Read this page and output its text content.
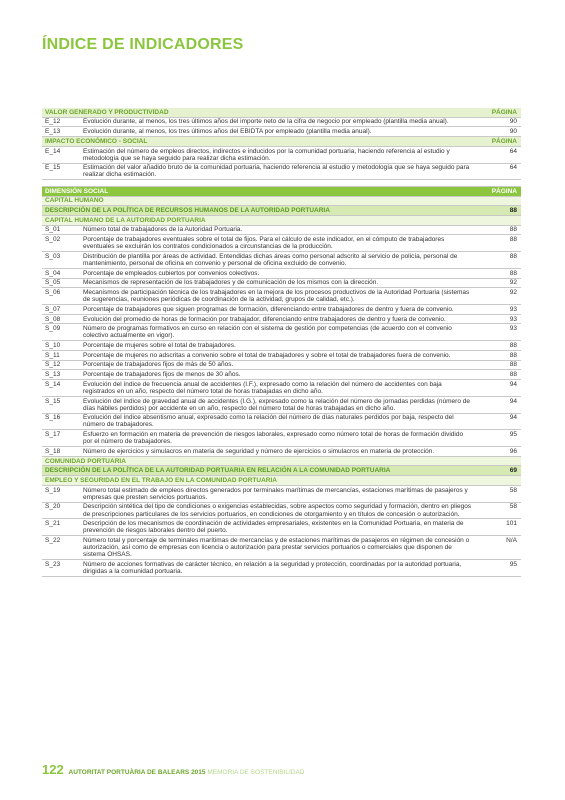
ÍNDICE DE INDICADORES
VALOR GENERADO Y PRODUCTIVIDAD		PÁGINA
E_12	Evolución durante, al menos, los tres últimos años del importe neto de la cifra de negocio por empleado (plantilla media anual).	90
E_13	Evolución durante, al menos, los tres últimos años del EBIDTA por empleado (plantilla media anual).	90
IMPACTO ECONÓMICO - SOCIAL		PÁGINA
E_14	Estimación del número de empleos directos, indirectos e inducidos por la comunidad portuaria, haciendo referencia al estudio y metodología que se haya seguido para realizar dicha estimación.	64
E_15	Estimación del valor añadido bruto de la comunidad portuaria, haciendo referencia al estudio y metodología que se haya seguido para realizar dicha estimación.	64

DIMENSIÓN SOCIAL		PÁGINA
CAPITAL HUMANO		
DESCRIPCIÓN DE LA POLÍTICA DE RECURSOS HUMANOS DE LA AUTORIDAD PORTUARIA		88
CAPITAL HUMANO DE LA AUTORIDAD PORTUARIA		
S_01	Número total de trabajadores de la Autoridad Portuaria.	88
S_02	Porcentaje de trabajadores eventuales sobre el total de fijos. Para el cálculo de este indicador, en el cómputo de trabajadores eventuales se excluirán los contratos condicionados a circunstancias de la producción.	88
S_03	Distribución de plantilla por áreas de actividad. Entendidas dichas áreas como personal adscrito al servicio de policía, personal de mantenimiento, personal de oficina en convenio y personal de oficina excluido de convenio.	88
S_04	Porcentaje de empleados cubiertos por convenios colectivos.	88
S_05	Mecanismos de representación de los trabajadores y de comunicación de los mismos con la dirección.	92
S_06	Mecanismos de participación técnica de los trabajadores en la mejora de los procesos productivos de la Autoridad Portuaria (sistemas de sugerencias, reuniones periódicas de coordinación de la actividad, grupos de calidad, etc.).	92
S_07	Porcentaje de trabajadores que siguen programas de formación, diferenciando entre trabajadores de dentro y fuera de convenio.	93
S_08	Evolución del promedio de horas de formación por trabajador, diferenciando entre trabajadores de dentro y fuera de convenio.	93
S_09	Número de programas formativos en curso en relación con el sistema de gestión por competencias (de acuerdo con el convenio colectivo actualmente en vigor).	93
S_10	Porcentaje de mujeres sobre el total de trabajadores.	88
S_11	Porcentaje de mujeres no adscritas a convenio sobre el total de trabajadores y sobre el total de trabajadores fuera de convenio.	88
S_12	Porcentaje de trabajadores fijos de más de 50 años.	88
S_13	Porcentaje de trabajadores fijos de menos de 30 años.	88
S_14	Evolución del índice de frecuencia anual de accidentes (I.F.), expresado como la relación del número de accidentes con baja registrados en un año, respecto del número total de horas trabajadas en dicho año.	94
S_15	Evolución del índice de gravedad anual de accidentes (I.G.), expresado como la relación del número de jornadas perdidas (número de días hábiles perdidos) por accidente en un año, respecto del número total de horas trabajadas en dicho año.	94
S_16	Evolución del índice absentismo anual, expresado como la relación del número de días naturales perdidos por baja, respecto del número de trabajadores.	94
S_17	Esfuerzo en formación en materia de prevención de riesgos laborales, expresado como número total de horas de formación dividido por el número de trabajadores.	95
S_18	Número de ejercicios y simulacros en materia de seguridad y número de ejercicios o simulacros en materia de protección.	96
COMUNIDAD PORTUARIA		
DESCRIPCIÓN DE LA POLÍTICA DE LA AUTORIDAD PORTUARIA EN RELACIÓN A LA COMUNIDAD PORTUARIA		69
EMPLEO Y SEGURIDAD EN EL TRABAJO EN LA COMUNIDAD PORTUARIA		
S_19	Número total estimado de empleos directos generados por terminales marítimas de mercancías, estaciones marítimas de pasajeros y empresas que presten servicios portuarios.	58
S_20	Descripción sintética del tipo de condiciones o exigencias establecidas, sobre aspectos como seguridad y formación, dentro en pliegos de prescripciones particulares de los servicios portuarios, en condiciones de otorgamiento y en títulos de concesión o autorización.	58
S_21	Descripción de los mecanismos de coordinación de actividades empresariales, existentes en la Comunidad Portuaria, en materia de prevención de riesgos laborales dentro del puerto.	101
S_22	Número total y porcentaje de terminales marítimas de mercancías y de estaciones marítimas de pasajeros en régimen de concesión o autorización, así como de empresas con licencia o autorización para prestar servicios portuarios o comerciales que disponen de sistema OHSAS.	N/A
S_23	Número de acciones formativas de carácter técnico, en relación a la seguridad y protección, coordinadas por la autoridad portuaria, dirigidas a la comunidad portuaria.	95
122 AUTORITAT PORTUÀRIA DE BALEARS 2015 MEMORIA DE SOSTENIBILIDAD
